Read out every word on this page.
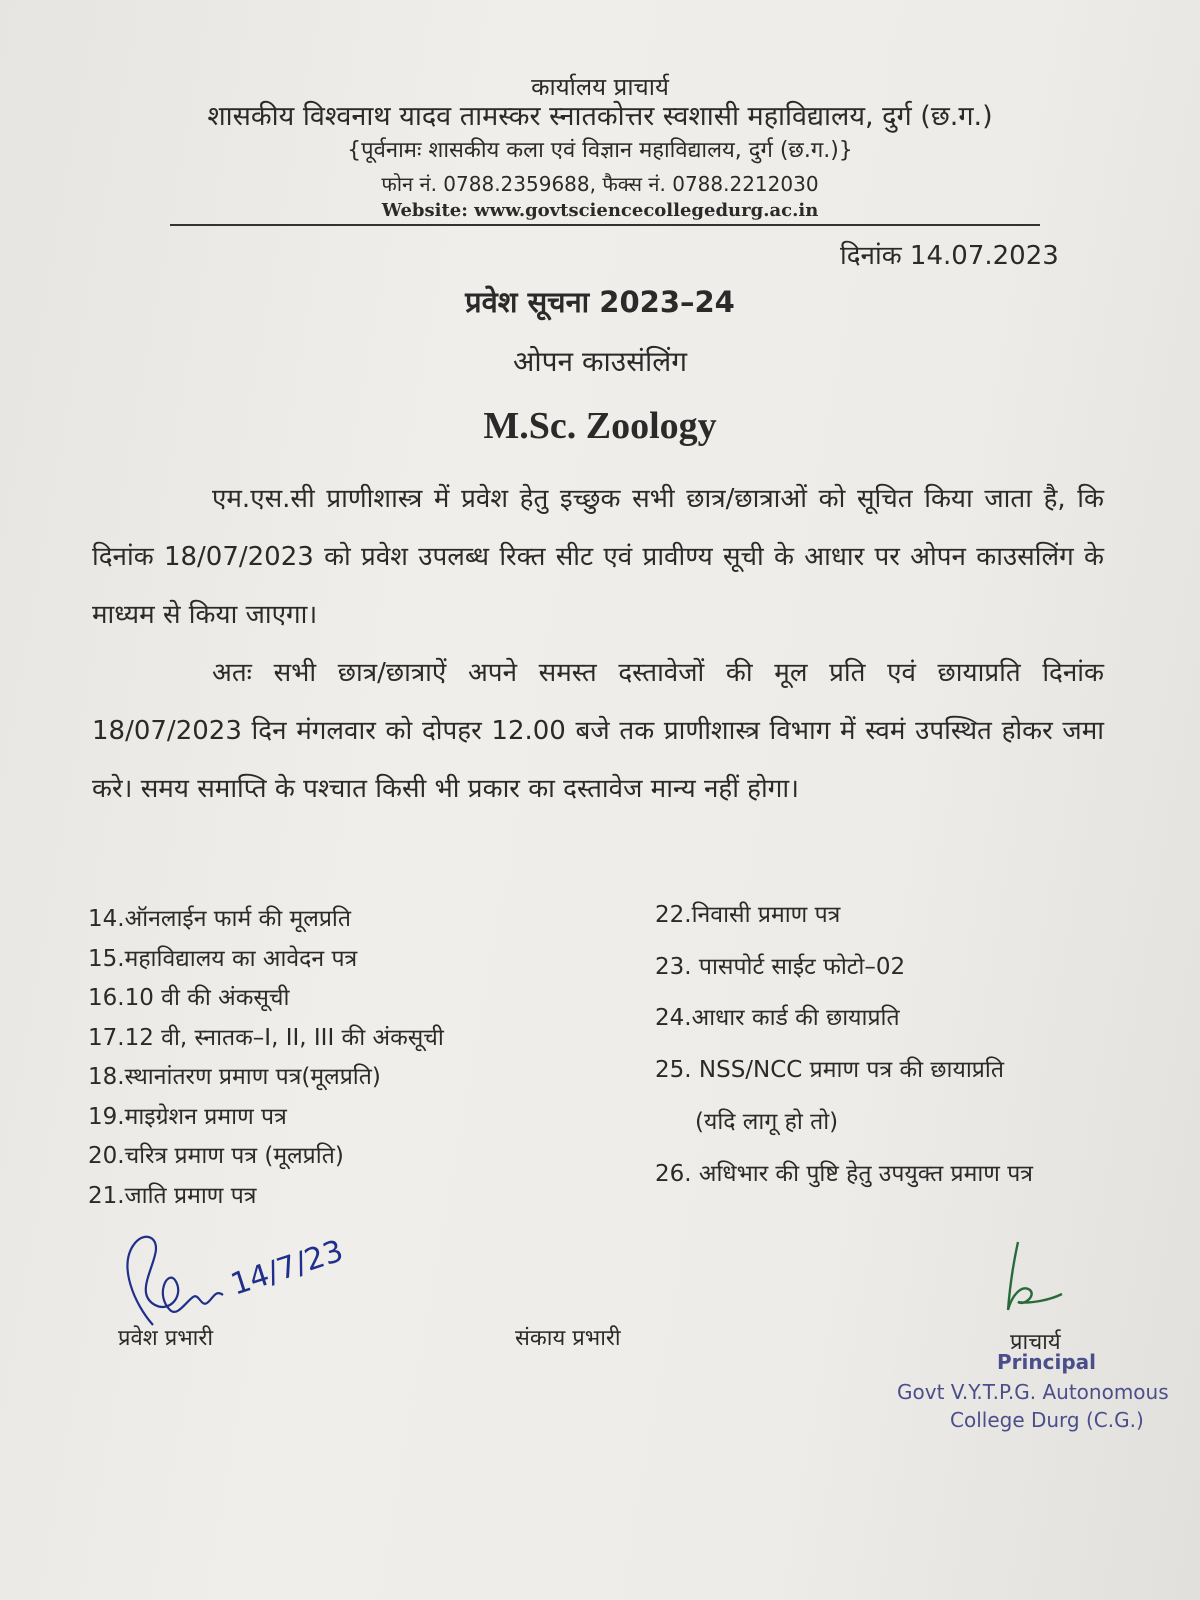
कार्यालय प्राचार्य
शासकीय विश्वनाथ यादव तामस्कर स्नातकोत्तर स्वशासी महाविद्यालय, दुर्ग (छ.ग.)
{पूर्वनामः शासकीय कला एवं विज्ञान महाविद्यालय, दुर्ग (छ.ग.)}
फोन नं. 0788.2359688, फैक्स नं. 0788.2212030
Website: www.govtsciencecollegedurg.ac.in
दिनांक 14.07.2023
प्रवेश सूचना 2023–24
ओपन काउसंलिंग
M.Sc. Zoology
एम.एस.सी प्राणीशास्त्र में प्रवेश हेतु इच्छुक सभी छात्र/छात्राओं को सूचित किया जाता है, कि दिनांक 18/07/2023 को प्रवेश उपलब्ध रिक्त सीट एवं प्रावीण्य सूची के आधार पर ओपन काउसलिंग के माध्यम से किया जाएगा।
अतः सभी छात्र/छात्राऐं अपने समस्त दस्तावेजों की मूल प्रति एवं छायाप्रति दिनांक 18/07/2023 दिन मंगलवार को दोपहर 12.00 बजे तक प्राणीशास्त्र विभाग में स्वमं उपस्थित होकर जमा करे। समय समाप्ति के पश्चात किसी भी प्रकार का दस्तावेज मान्य नहीं होगा।
14.ऑनलाईन फार्म की मूलप्रति
15.महाविद्यालय का आवेदन पत्र
16.10 वी की अंकसूची
17.12 वी, स्नातक–I, II, III की अंकसूची
18.स्थानांतरण प्रमाण पत्र(मूलप्रति)
19.माइग्रेशन प्रमाण पत्र
20.चरित्र प्रमाण पत्र (मूलप्रति)
21.जाति प्रमाण पत्र
22.निवासी प्रमाण पत्र
23. पासपोर्ट साईट फोटो–02
24.आधार कार्ड की छायाप्रति
25. NSS/NCC प्रमाण पत्र की छायाप्रति
(यदि लागू हो तो)
26. अधिभार की पुष्टि हेतु उपयुक्त प्रमाण पत्र
14/7/23
प्रवेश प्रभारी	संकाय प्रभारी	प्राचार्य
Principal
Govt V.Y.T.P.G. Autonomous
College Durg (C.G.)
